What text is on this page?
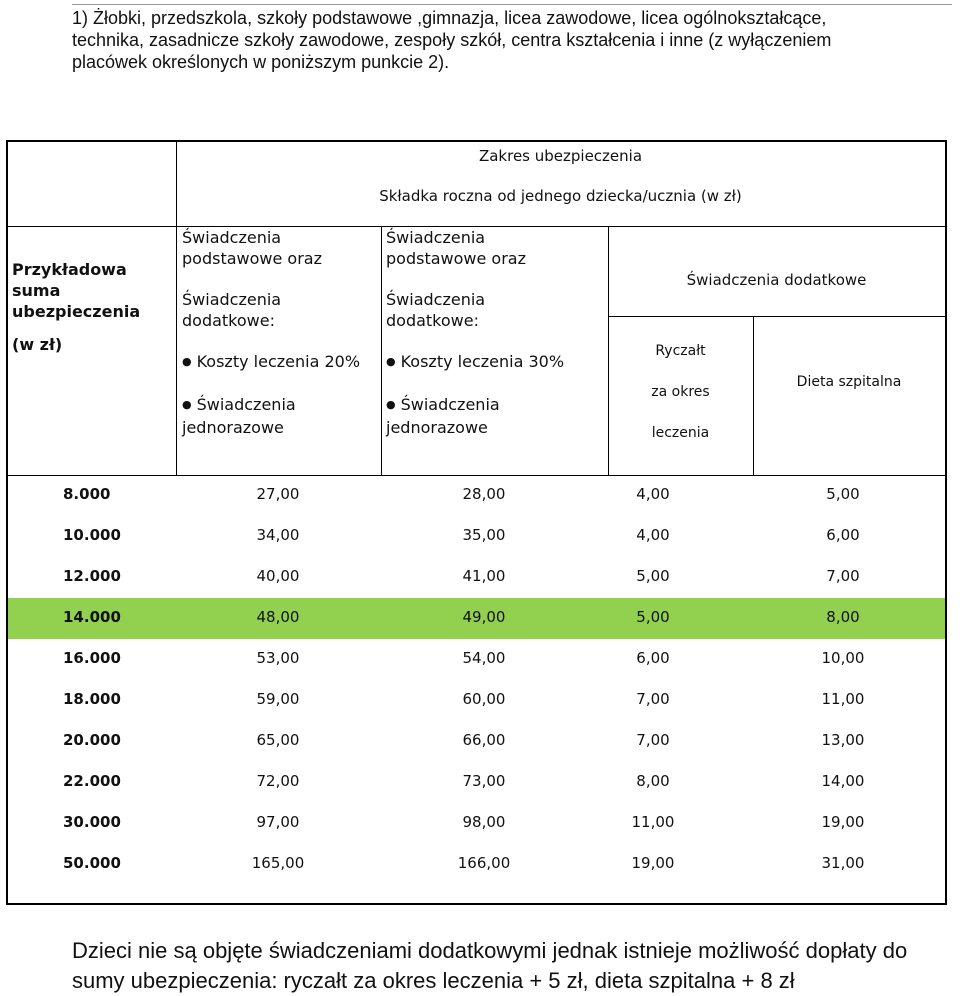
1) Żłobki, przedszkola, szkoły podstawowe ,gimnazja, licea zawodowe, licea ogólnokształcące,
technika, zasadnicze szkoły zawodowe, zespoły szkół, centra kształcenia i inne (z wyłączeniem
placówek określonych w poniższym punkcie 2).
Zakres ubezpieczenia
Składka roczna od jednego dziecka/ucznia (w zł)
Przykładowa suma
ubezpieczenia
(w zł)
Świadczenia
podstawowe oraz
Świadczenia
dodatkowe:
● Koszty leczenia 20%
● Świadczenia
jednorazowe
Świadczenia
podstawowe oraz
Świadczenia
dodatkowe:
● Koszty leczenia 30%
● Świadczenia
jednorazowe
Świadczenia dodatkowe
Ryczałt
za okres
leczenia
Dieta szpitalna
8.000	27,00	28,00	4,00	5,00
10.000	34,00	35,00	4,00	6,00
12.000	40,00	41,00	5,00	7,00
14.000	48,00	49,00	5,00	8,00
16.000	53,00	54,00	6,00	10,00
18.000	59,00	60,00	7,00	11,00
20.000	65,00	66,00	7,00	13,00
22.000	72,00	73,00	8,00	14,00
30.000	97,00	98,00	11,00	19,00
50.000	165,00	166,00	19,00	31,00
Dzieci nie są objęte świadczeniami dodatkowymi jednak istnieje możliwość dopłaty do
sumy ubezpieczenia: ryczałt za okres leczenia + 5 zł, dieta szpitalna + 8 zł
